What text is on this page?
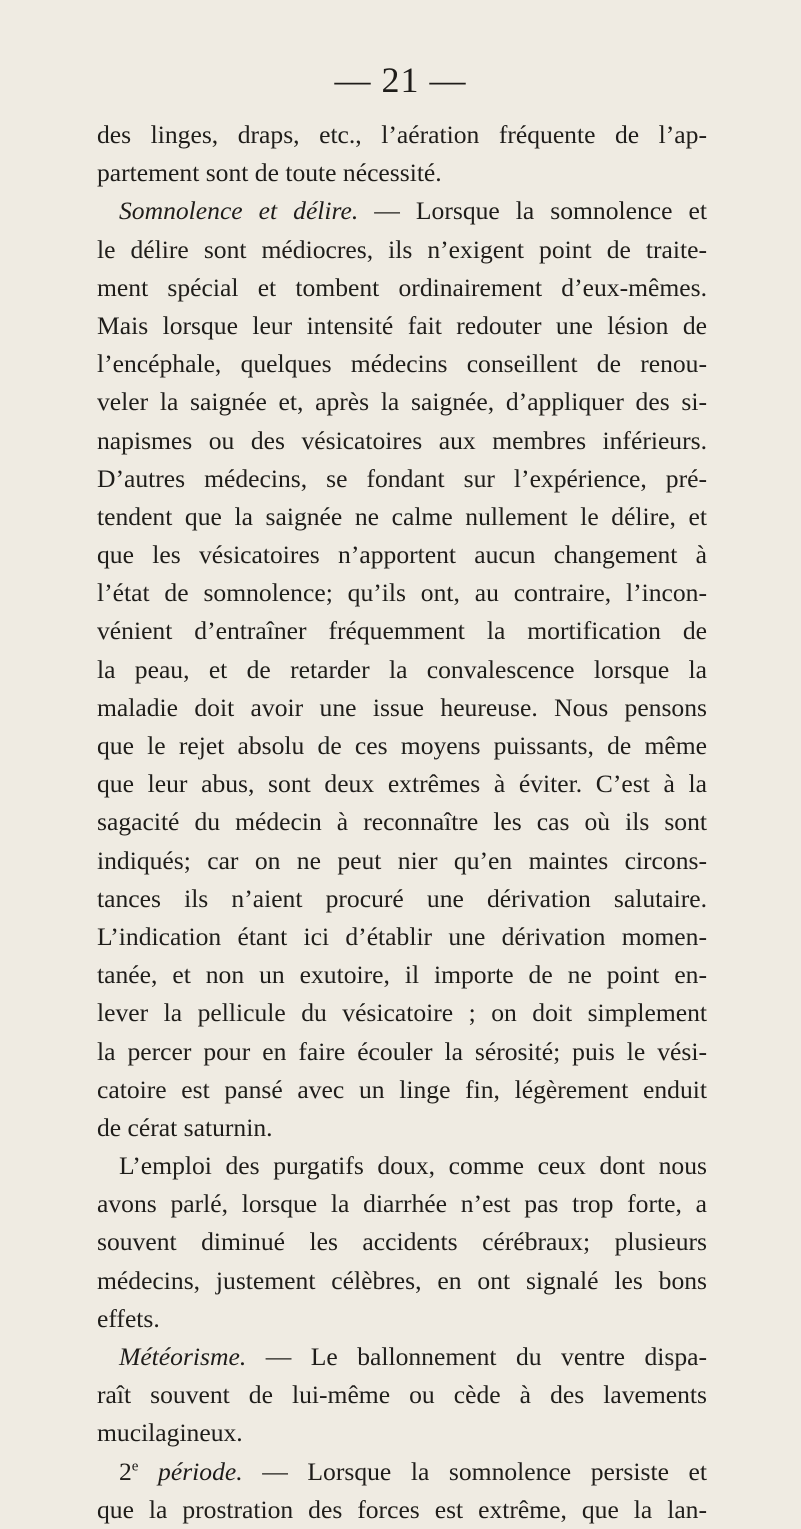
— 21 —
des linges, draps, etc., l’aération fréquente de l’ap-
partement sont de toute nécessité.
Somnolence et délire. — Lorsque la somnolence et
le délire sont médiocres, ils n’exigent point de traite-
ment spécial et tombent ordinairement d’eux-mêmes.
Mais lorsque leur intensité fait redouter une lésion de
l’encéphale, quelques médecins conseillent de renou-
veler la saignée et, après la saignée, d’appliquer des si-
napismes ou des vésicatoires aux membres inférieurs.
D’autres médecins, se fondant sur l’expérience, pré-
tendent que la saignée ne calme nullement le délire, et
que les vésicatoires n’apportent aucun changement à
l’état de somnolence; qu’ils ont, au contraire, l’incon-
vénient d’entraîner fréquemment la mortification de
la peau, et de retarder la convalescence lorsque la
maladie doit avoir une issue heureuse. Nous pensons
que le rejet absolu de ces moyens puissants, de même
que leur abus, sont deux extrêmes à éviter. C’est à la
sagacité du médecin à reconnaître les cas où ils sont
indiqués; car on ne peut nier qu’en maintes circons-
tances ils n’aient procuré une dérivation salutaire.
L’indication étant ici d’établir une dérivation momen-
tanée, et non un exutoire, il importe de ne point en-
lever la pellicule du vésicatoire ; on doit simplement
la percer pour en faire écouler la sérosité; puis le vési-
catoire est pansé avec un linge fin, légèrement enduit
de cérat saturnin.
L’emploi des purgatifs doux, comme ceux dont nous
avons parlé, lorsque la diarrhée n’est pas trop forte, a
souvent diminué les accidents cérébraux; plusieurs
médecins, justement célèbres, en ont signalé les bons
effets.
Météorisme. — Le ballonnement du ventre dispa-
raît souvent de lui-même ou cède à des lavements
mucilagineux.
2e période. — Lorsque la somnolence persiste et
que la prostration des forces est extrême, que la lan-
